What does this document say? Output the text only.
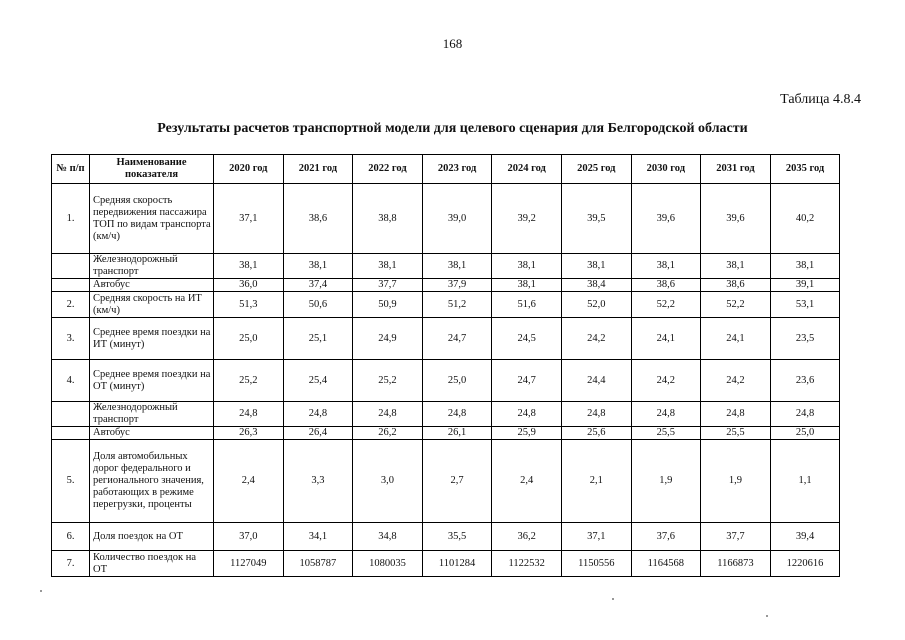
168
Таблица 4.8.4
Результаты расчетов транспортной модели для целевого сценария для Белгородской области
№ п/п	Наименование показателя	2020 год	2021 год	2022 год	2023 год	2024 год	2025 год	2030 год	2031 год	2035 год
1.	Средняя скорость передвижения пассажира ТОП по видам транспорта (км/ч)	37,1	38,6	38,8	39,0	39,2	39,5	39,6	39,6	40,2
	Железнодорожный транспорт	38,1	38,1	38,1	38,1	38,1	38,1	38,1	38,1	38,1
	Автобус	36,0	37,4	37,7	37,9	38,1	38,4	38,6	38,6	39,1
2.	Средняя скорость на ИТ (км/ч)	51,3	50,6	50,9	51,2	51,6	52,0	52,2	52,2	53,1
3.	Среднее время поездки на ИТ (минут)	25,0	25,1	24,9	24,7	24,5	24,2	24,1	24,1	23,5
4.	Среднее время поездки на ОТ (минут)	25,2	25,4	25,2	25,0	24,7	24,4	24,2	24,2	23,6
	Железнодорожный транспорт	24,8	24,8	24,8	24,8	24,8	24,8	24,8	24,8	24,8
	Автобус	26,3	26,4	26,2	26,1	25,9	25,6	25,5	25,5	25,0
5.	Доля автомобильных дорог федерального и регионального значения, работающих в режиме перегрузки, проценты	2,4	3,3	3,0	2,7	2,4	2,1	1,9	1,9	1,1
6.	Доля поездок на ОТ	37,0	34,1	34,8	35,5	36,2	37,1	37,6	37,7	39,4
7.	Количество поездок на ОТ	1127049	1058787	1080035	1101284	1122532	1150556	1164568	1166873	1220616
